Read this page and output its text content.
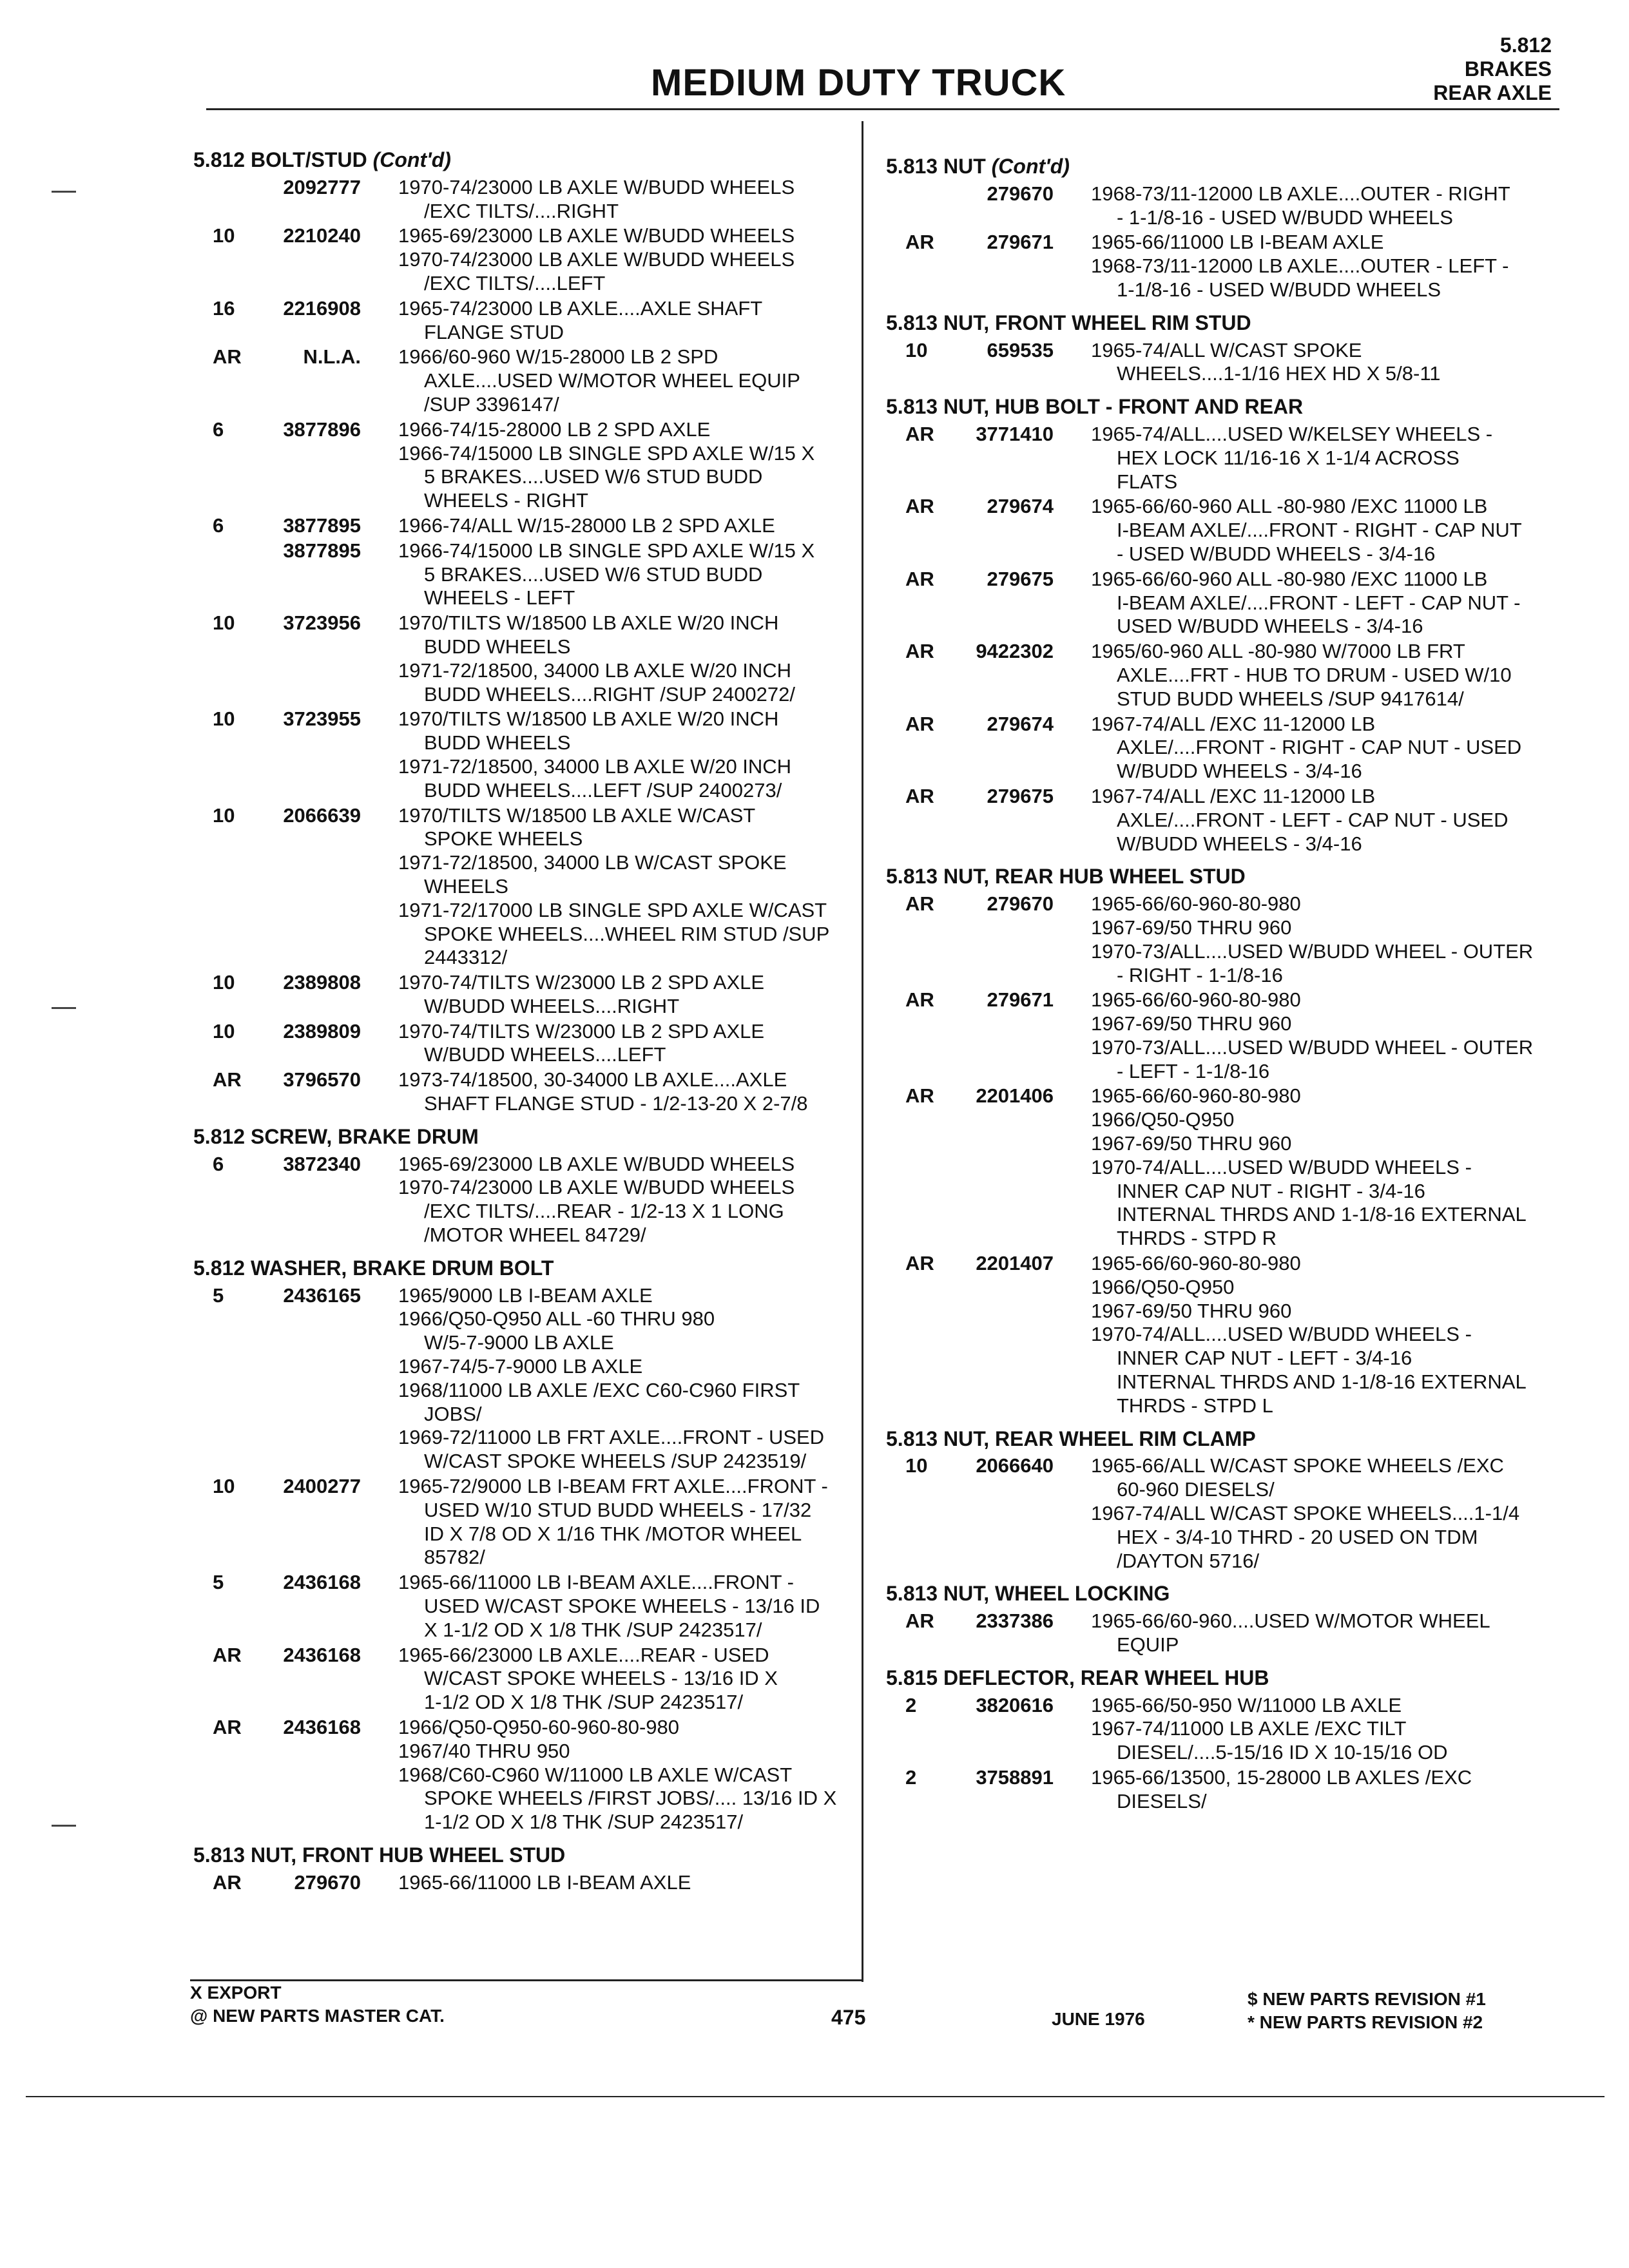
MEDIUM DUTY TRUCK
5.812
BRAKES
REAR AXLE
5.812 BOLT/STUD (Cont'd)
2092777	1970-74/23000 LB AXLE W/BUDD WHEELS
/EXC TILTS/....RIGHT
10	2210240	1965-69/23000 LB AXLE W/BUDD WHEELS
1970-74/23000 LB AXLE W/BUDD WHEELS
/EXC TILTS/....LEFT
16	2216908	1965-74/23000 LB AXLE....AXLE SHAFT
FLANGE STUD
AR	N.L.A.	1966/60-960 W/15-28000 LB 2 SPD
AXLE....USED W/MOTOR WHEEL EQUIP
/SUP 3396147/
6	3877896	1966-74/15-28000 LB 2 SPD AXLE
1966-74/15000 LB SINGLE SPD AXLE W/15 X
5 BRAKES....USED W/6 STUD BUDD
WHEELS - RIGHT
6	3877895	1966-74/ALL W/15-28000 LB 2 SPD AXLE
3877895	1966-74/15000 LB SINGLE SPD AXLE W/15 X
5 BRAKES....USED W/6 STUD BUDD
WHEELS - LEFT
10	3723956	1970/TILTS W/18500 LB AXLE W/20 INCH
BUDD WHEELS
1971-72/18500, 34000 LB AXLE W/20 INCH
BUDD WHEELS....RIGHT /SUP 2400272/
10	3723955	1970/TILTS W/18500 LB AXLE W/20 INCH
BUDD WHEELS
1971-72/18500, 34000 LB AXLE W/20 INCH
BUDD WHEELS....LEFT /SUP 2400273/
10	2066639	1970/TILTS W/18500 LB AXLE W/CAST
SPOKE WHEELS
1971-72/18500, 34000 LB W/CAST SPOKE
WHEELS
1971-72/17000 LB SINGLE SPD AXLE W/CAST
SPOKE WHEELS....WHEEL RIM STUD /SUP
2443312/
10	2389808	1970-74/TILTS W/23000 LB 2 SPD AXLE
W/BUDD WHEELS....RIGHT
10	2389809	1970-74/TILTS W/23000 LB 2 SPD AXLE
W/BUDD WHEELS....LEFT
AR	3796570	1973-74/18500, 30-34000 LB AXLE....AXLE
SHAFT FLANGE STUD - 1/2-13-20 X 2-7/8
5.812 SCREW, BRAKE DRUM
6	3872340	1965-69/23000 LB AXLE W/BUDD WHEELS
1970-74/23000 LB AXLE W/BUDD WHEELS
/EXC TILTS/....REAR - 1/2-13 X 1 LONG
/MOTOR WHEEL 84729/
5.812 WASHER, BRAKE DRUM BOLT
5	2436165	1965/9000 LB I-BEAM AXLE
1966/Q50-Q950 ALL -60 THRU 980
W/5-7-9000 LB AXLE
1967-74/5-7-9000 LB AXLE
1968/11000 LB AXLE /EXC C60-C960 FIRST
JOBS/
1969-72/11000 LB FRT AXLE....FRONT - USED
W/CAST SPOKE WHEELS /SUP 2423519/
10	2400277	1965-72/9000 LB I-BEAM FRT AXLE....FRONT -
USED W/10 STUD BUDD WHEELS - 17/32
ID X 7/8 OD X 1/16 THK /MOTOR WHEEL
85782/
5	2436168	1965-66/11000 LB I-BEAM AXLE....FRONT -
USED W/CAST SPOKE WHEELS - 13/16 ID
X 1-1/2 OD X 1/8 THK /SUP 2423517/
AR	2436168	1965-66/23000 LB AXLE....REAR - USED
W/CAST SPOKE WHEELS - 13/16 ID X
1-1/2 OD X 1/8 THK /SUP 2423517/
AR	2436168	1966/Q50-Q950-60-960-80-980
1967/40 THRU 950
1968/C60-C960 W/11000 LB AXLE W/CAST
SPOKE WHEELS /FIRST JOBS/.... 13/16 ID X
1-1/2 OD X 1/8 THK /SUP 2423517/
5.813 NUT, FRONT HUB WHEEL STUD
AR	279670	1965-66/11000 LB I-BEAM AXLE
5.813 NUT (Cont'd)
279670	1968-73/11-12000 LB AXLE....OUTER - RIGHT
- 1-1/8-16 - USED W/BUDD WHEELS
AR	279671	1965-66/11000 LB I-BEAM AXLE
1968-73/11-12000 LB AXLE....OUTER - LEFT -
1-1/8-16 - USED W/BUDD WHEELS
5.813 NUT, FRONT WHEEL RIM STUD
10	659535	1965-74/ALL W/CAST SPOKE
WHEELS....1-1/16 HEX HD X 5/8-11
5.813 NUT, HUB BOLT - FRONT AND REAR
AR	3771410	1965-74/ALL....USED W/KELSEY WHEELS -
HEX LOCK 11/16-16 X 1-1/4 ACROSS
FLATS
AR	279674	1965-66/60-960 ALL -80-980 /EXC 11000 LB
I-BEAM AXLE/....FRONT - RIGHT - CAP NUT
- USED W/BUDD WHEELS - 3/4-16
AR	279675	1965-66/60-960 ALL -80-980 /EXC 11000 LB
I-BEAM AXLE/....FRONT - LEFT - CAP NUT -
USED W/BUDD WHEELS - 3/4-16
AR	9422302	1965/60-960 ALL -80-980 W/7000 LB FRT
AXLE....FRT - HUB TO DRUM - USED W/10
STUD BUDD WHEELS /SUP 9417614/
AR	279674	1967-74/ALL /EXC 11-12000 LB
AXLE/....FRONT - RIGHT - CAP NUT - USED
W/BUDD WHEELS - 3/4-16
AR	279675	1967-74/ALL /EXC 11-12000 LB
AXLE/....FRONT - LEFT - CAP NUT - USED
W/BUDD WHEELS - 3/4-16
5.813 NUT, REAR HUB WHEEL STUD
AR	279670	1965-66/60-960-80-980
1967-69/50 THRU 960
1970-73/ALL....USED W/BUDD WHEEL - OUTER
- RIGHT - 1-1/8-16
AR	279671	1965-66/60-960-80-980
1967-69/50 THRU 960
1970-73/ALL....USED W/BUDD WHEEL - OUTER
- LEFT - 1-1/8-16
AR	2201406	1965-66/60-960-80-980
1966/Q50-Q950
1967-69/50 THRU 960
1970-74/ALL....USED W/BUDD WHEELS -
INNER CAP NUT - RIGHT - 3/4-16
INTERNAL THRDS AND 1-1/8-16 EXTERNAL
THRDS - STPD R
AR	2201407	1965-66/60-960-80-980
1966/Q50-Q950
1967-69/50 THRU 960
1970-74/ALL....USED W/BUDD WHEELS -
INNER CAP NUT - LEFT - 3/4-16
INTERNAL THRDS AND 1-1/8-16 EXTERNAL
THRDS - STPD L
5.813 NUT, REAR WHEEL RIM CLAMP
10	2066640	1965-66/ALL W/CAST SPOKE WHEELS /EXC
60-960 DIESELS/
1967-74/ALL W/CAST SPOKE WHEELS....1-1/4
HEX - 3/4-10 THRD - 20 USED ON TDM
/DAYTON 5716/
5.813 NUT, WHEEL LOCKING
AR	2337386	1965-66/60-960....USED W/MOTOR WHEEL
EQUIP
5.815 DEFLECTOR, REAR WHEEL HUB
2	3820616	1965-66/50-950 W/11000 LB AXLE
1967-74/11000 LB AXLE /EXC TILT
DIESEL/....5-15/16 ID X 10-15/16 OD
2	3758891	1965-66/13500, 15-28000 LB AXLES /EXC
DIESELS/
X EXPORT
@ NEW PARTS MASTER CAT.	475	JUNE 1976
$ NEW PARTS REVISION #1
* NEW PARTS REVISION #2
